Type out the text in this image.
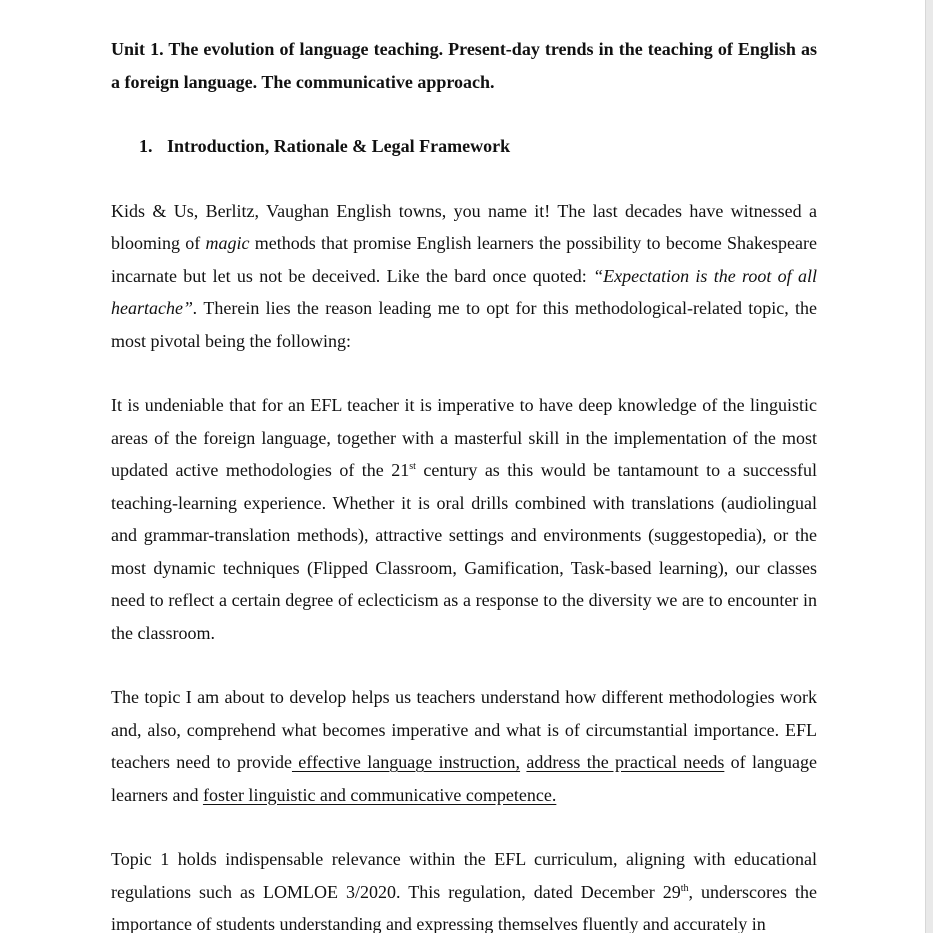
Unit 1. The evolution of language teaching. Present-day trends in the teaching of English as a foreign language. The communicative approach.

1. Introduction, Rationale & Legal Framework

Kids & Us, Berlitz, Vaughan English towns, you name it! The last decades have witnessed a blooming of magic methods that promise English learners the possibility to become Shakespeare incarnate but let us not be deceived. Like the bard once quoted: “Expectation is the root of all heartache”. Therein lies the reason leading me to opt for this methodological-related topic, the most pivotal being the following:

It is undeniable that for an EFL teacher it is imperative to have deep knowledge of the linguistic areas of the foreign language, together with a masterful skill in the implementation of the most updated active methodologies of the 21st century as this would be tantamount to a successful teaching-learning experience. Whether it is oral drills combined with translations (audiolingual and grammar-translation methods), attractive settings and environments (suggestopedia), or the most dynamic techniques (Flipped Classroom, Gamification, Task-based learning), our classes need to reflect a certain degree of eclecticism as a response to the diversity we are to encounter in the classroom.

The topic I am about to develop helps us teachers understand how different methodologies work and, also, comprehend what becomes imperative and what is of circumstantial importance. EFL teachers need to provide effective language instruction, address the practical needs of language learners and foster linguistic and communicative competence.

Topic 1 holds indispensable relevance within the EFL curriculum, aligning with educational regulations such as LOMLOE 3/2020. This regulation, dated December 29th, underscores the importance of students understanding and expressing themselves fluently and accurately in
